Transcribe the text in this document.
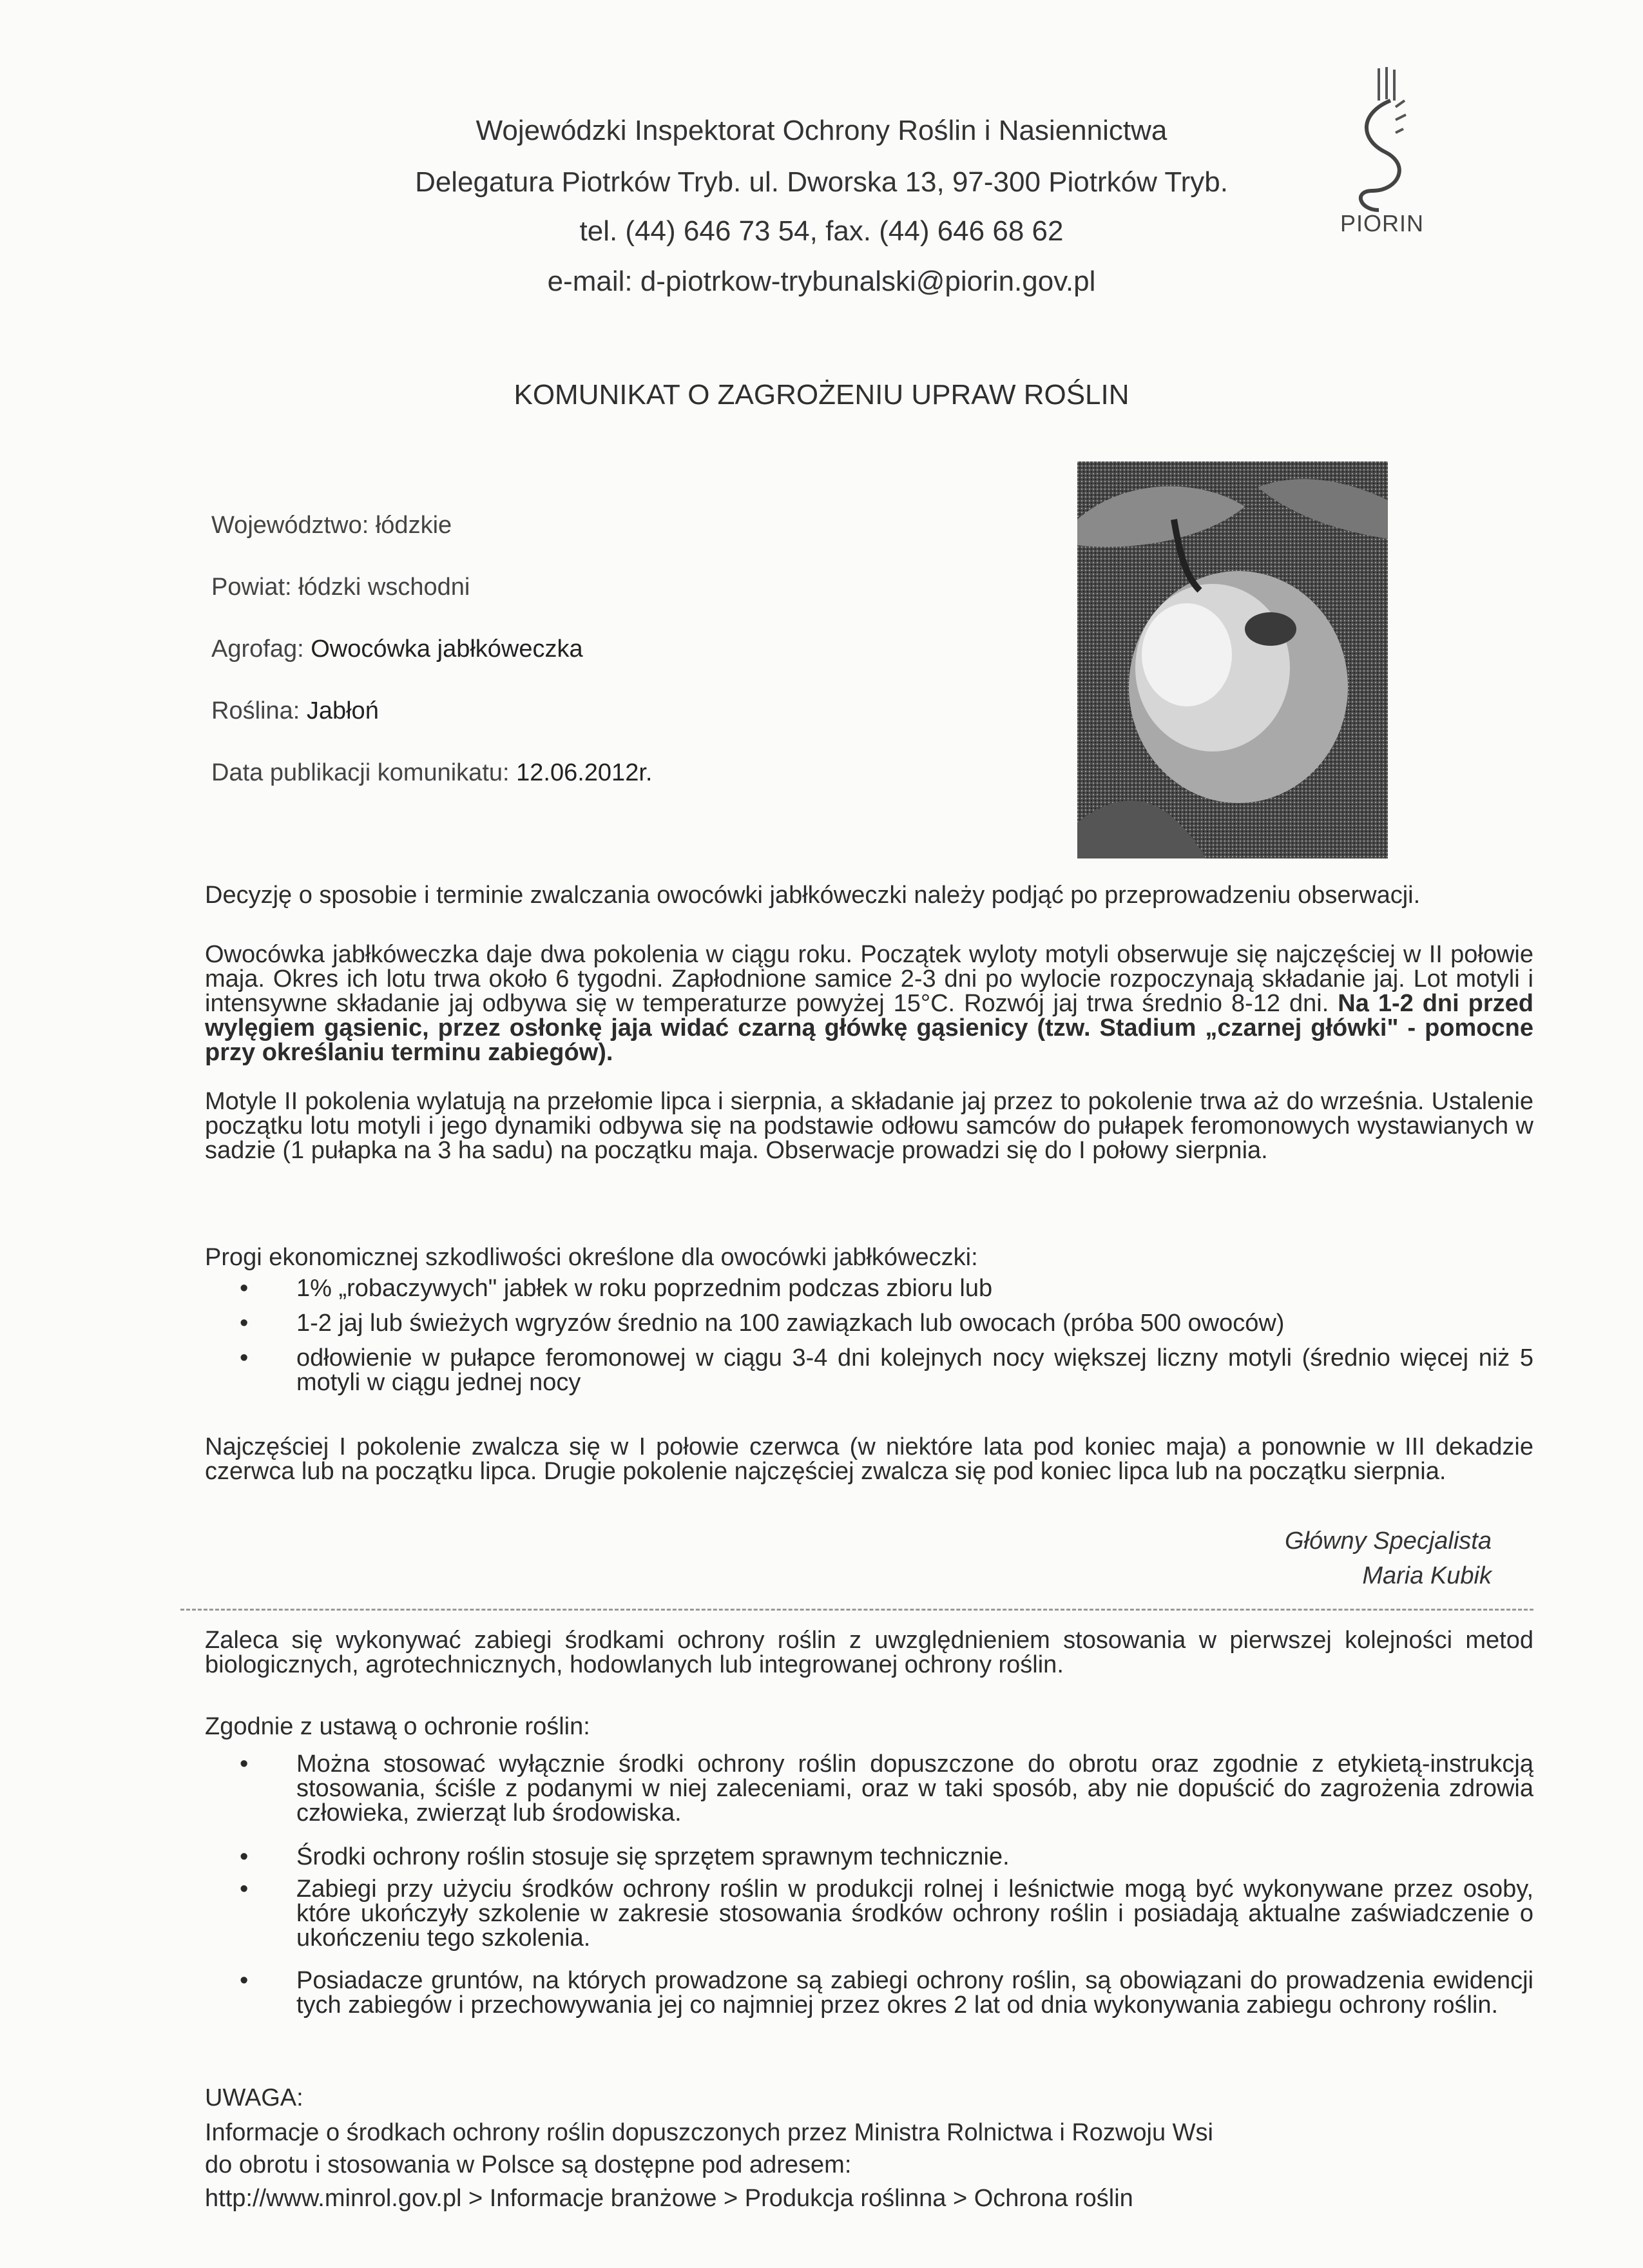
Wojewódzki Inspektorat Ochrony Roślin i Nasiennictwa
Delegatura Piotrków Tryb. ul. Dworska 13, 97-300 Piotrków Tryb.
tel. (44) 646 73 54, fax. (44) 646 68 62
e-mail: d-piotrkow-trybunalski@piorin.gov.pl
PIORIN
KOMUNIKAT O ZAGROŻENIU UPRAW ROŚLIN
Województwo: łódzkie
Powiat: łódzki wschodni
Agrofag: Owocówka jabłkóweczka
Roślina: Jabłoń
Data publikacji komunikatu: 12.06.2012r.
Decyzję o sposobie i terminie zwalczania owocówki jabłkóweczki należy podjąć po przeprowadzeniu obserwacji.
Owocówka jabłkóweczka daje dwa pokolenia w ciągu roku. Początek wyloty motyli obserwuje się najczęściej w II połowie maja. Okres ich lotu trwa około 6 tygodni. Zapłodnione samice 2-3 dni po wylocie rozpoczynają składanie jaj. Lot motyli i intensywne składanie jaj odbywa się w temperaturze powyżej 15°C. Rozwój jaj trwa średnio 8-12 dni. Na 1-2 dni przed wylęgiem gąsienic, przez osłonkę jaja widać czarną główkę gąsienicy (tzw. Stadium „czarnej główki" - pomocne przy określaniu terminu zabiegów).
Motyle II pokolenia wylatują na przełomie lipca i sierpnia, a składanie jaj przez to pokolenie trwa aż do września. Ustalenie początku lotu motyli i jego dynamiki odbywa się na podstawie odłowu samców do pułapek feromonowych wystawianych w sadzie (1 pułapka na 3 ha sadu) na początku maja. Obserwacje prowadzi się do I połowy sierpnia.
Progi ekonomicznej szkodliwości określone dla owocówki jabłkóweczki:
• 1% „robaczywych" jabłek w roku poprzednim podczas zbioru lub
• 1-2 jaj lub świeżych wgryzów średnio na 100 zawiązkach lub owocach (próba 500 owoców)
• odłowienie w pułapce feromonowej w ciągu 3-4 dni kolejnych nocy większej liczny motyli (średnio więcej niż 5 motyli w ciągu jednej nocy
Najczęściej I pokolenie zwalcza się w I połowie czerwca (w niektóre lata pod koniec maja) a ponownie w III dekadzie czerwca lub na początku lipca. Drugie pokolenie najczęściej zwalcza się pod koniec lipca lub na początku sierpnia.
Główny Specjalista
Maria Kubik
Zaleca się wykonywać zabiegi środkami ochrony roślin z uwzględnieniem stosowania w pierwszej kolejności metod biologicznych, agrotechnicznych, hodowlanych lub integrowanej ochrony roślin.
Zgodnie z ustawą o ochronie roślin:
• Można stosować wyłącznie środki ochrony roślin dopuszczone do obrotu oraz zgodnie z etykietą-instrukcją stosowania, ściśle z podanymi w niej zaleceniami, oraz w taki sposób, aby nie dopuścić do zagrożenia zdrowia człowieka, zwierząt lub środowiska.
• Środki ochrony roślin stosuje się sprzętem sprawnym technicznie.
• Zabiegi przy użyciu środków ochrony roślin w produkcji rolnej i leśnictwie mogą być wykonywane przez osoby, które ukończyły szkolenie w zakresie stosowania środków ochrony roślin i posiadają aktualne zaświadczenie o ukończeniu tego szkolenia.
• Posiadacze gruntów, na których prowadzone są zabiegi ochrony roślin, są obowiązani do prowadzenia ewidencji tych zabiegów i przechowywania jej co najmniej przez okres 2 lat od dnia wykonywania zabiegu ochrony roślin.
UWAGA:
Informacje o środkach ochrony roślin dopuszczonych przez Ministra Rolnictwa i Rozwoju Wsi
do obrotu i stosowania w Polsce są dostępne pod adresem:
http://www.minrol.gov.pl > Informacje branżowe > Produkcja roślinna > Ochrona roślin
